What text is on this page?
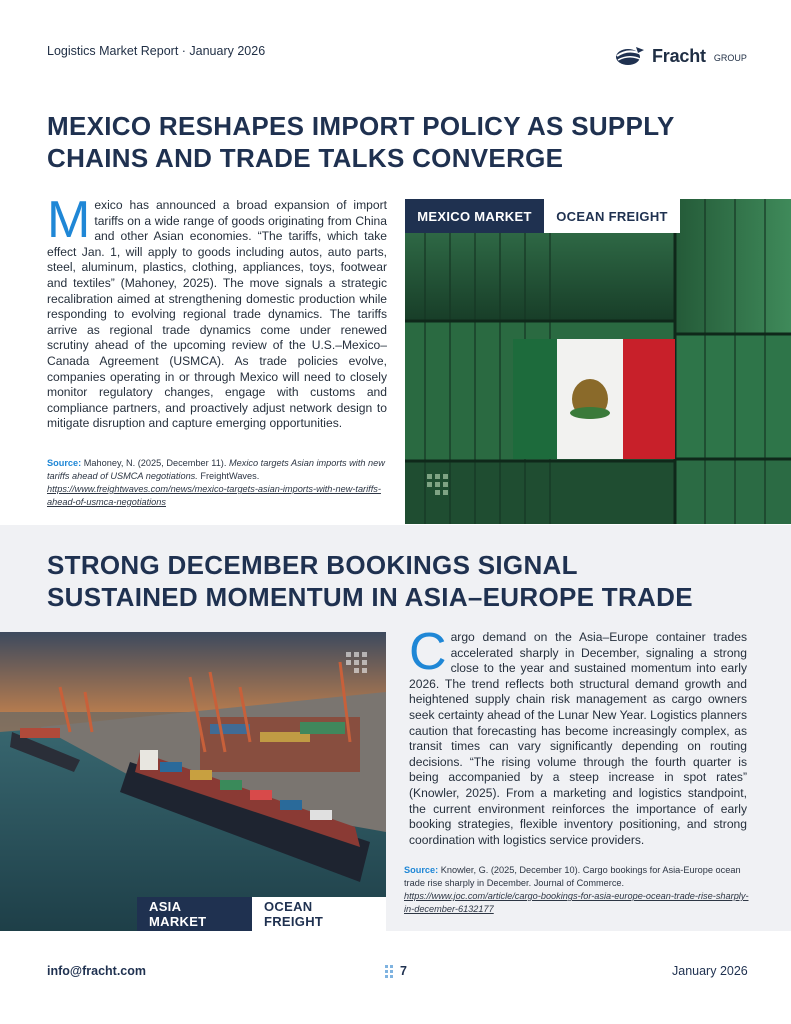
Logistics Market Report · January 2026	Fracht GROUP
MEXICO RESHAPES IMPORT POLICY AS SUPPLY
CHAINS AND TRADE TALKS CONVERGE
Mexico has announced a broad expansion of import tariffs on a wide range of goods originating from China and other Asian economies. “The tariffs, which take effect Jan. 1, will apply to goods including autos, auto parts, steel, aluminum, plastics, clothing, appliances, toys, footwear and textiles” (Mahoney, 2025). The move signals a strategic recalibration aimed at strengthening domestic production while responding to evolving regional trade dynamics. The tariffs arrive as regional trade dynamics come under renewed scrutiny ahead of the upcoming review of the U.S.–Mexico–Canada Agreement (USMCA). As trade policies evolve, companies operating in or through Mexico will need to closely monitor regulatory changes, engage with customs and compliance partners, and proactively adjust network design to mitigate disruption and capture emerging opportunities.
Source: Mahoney, N. (2025, December 11). Mexico targets Asian imports with new tariffs ahead of USMCA negotiations. FreightWaves.
https://www.freightwaves.com/news/mexico-targets-asian-imports-with-new-tariffs-ahead-of-usmca-negotiations
MEXICO MARKET	OCEAN FREIGHT
STRONG DECEMBER BOOKINGS SIGNAL
SUSTAINED MOMENTUM IN ASIA–EUROPE TRADE
ASIA MARKET
OCEAN FREIGHT
Cargo demand on the Asia–Europe container trades accelerated sharply in December, signaling a strong close to the year and sustained momentum into early 2026. The trend reflects both structural demand growth and heightened supply chain risk management as cargo owners seek certainty ahead of the Lunar New Year. Logistics planners caution that forecasting has become increasingly complex, as transit times can vary significantly depending on routing decisions. “The rising volume through the fourth quarter is being accompanied by a steep increase in spot rates” (Knowler, 2025). From a marketing and logistics standpoint, the current environment reinforces the importance of early booking strategies, flexible inventory positioning, and strong coordination with logistics service providers.
Source: Knowler, G. (2025, December 10). Cargo bookings for Asia-Europe ocean trade rise sharply in December. Journal of Commerce.
https://www.joc.com/article/cargo-bookings-for-asia-europe-ocean-trade-rise-sharply-in-december-6132177
info@fracht.com	7	January 2026
